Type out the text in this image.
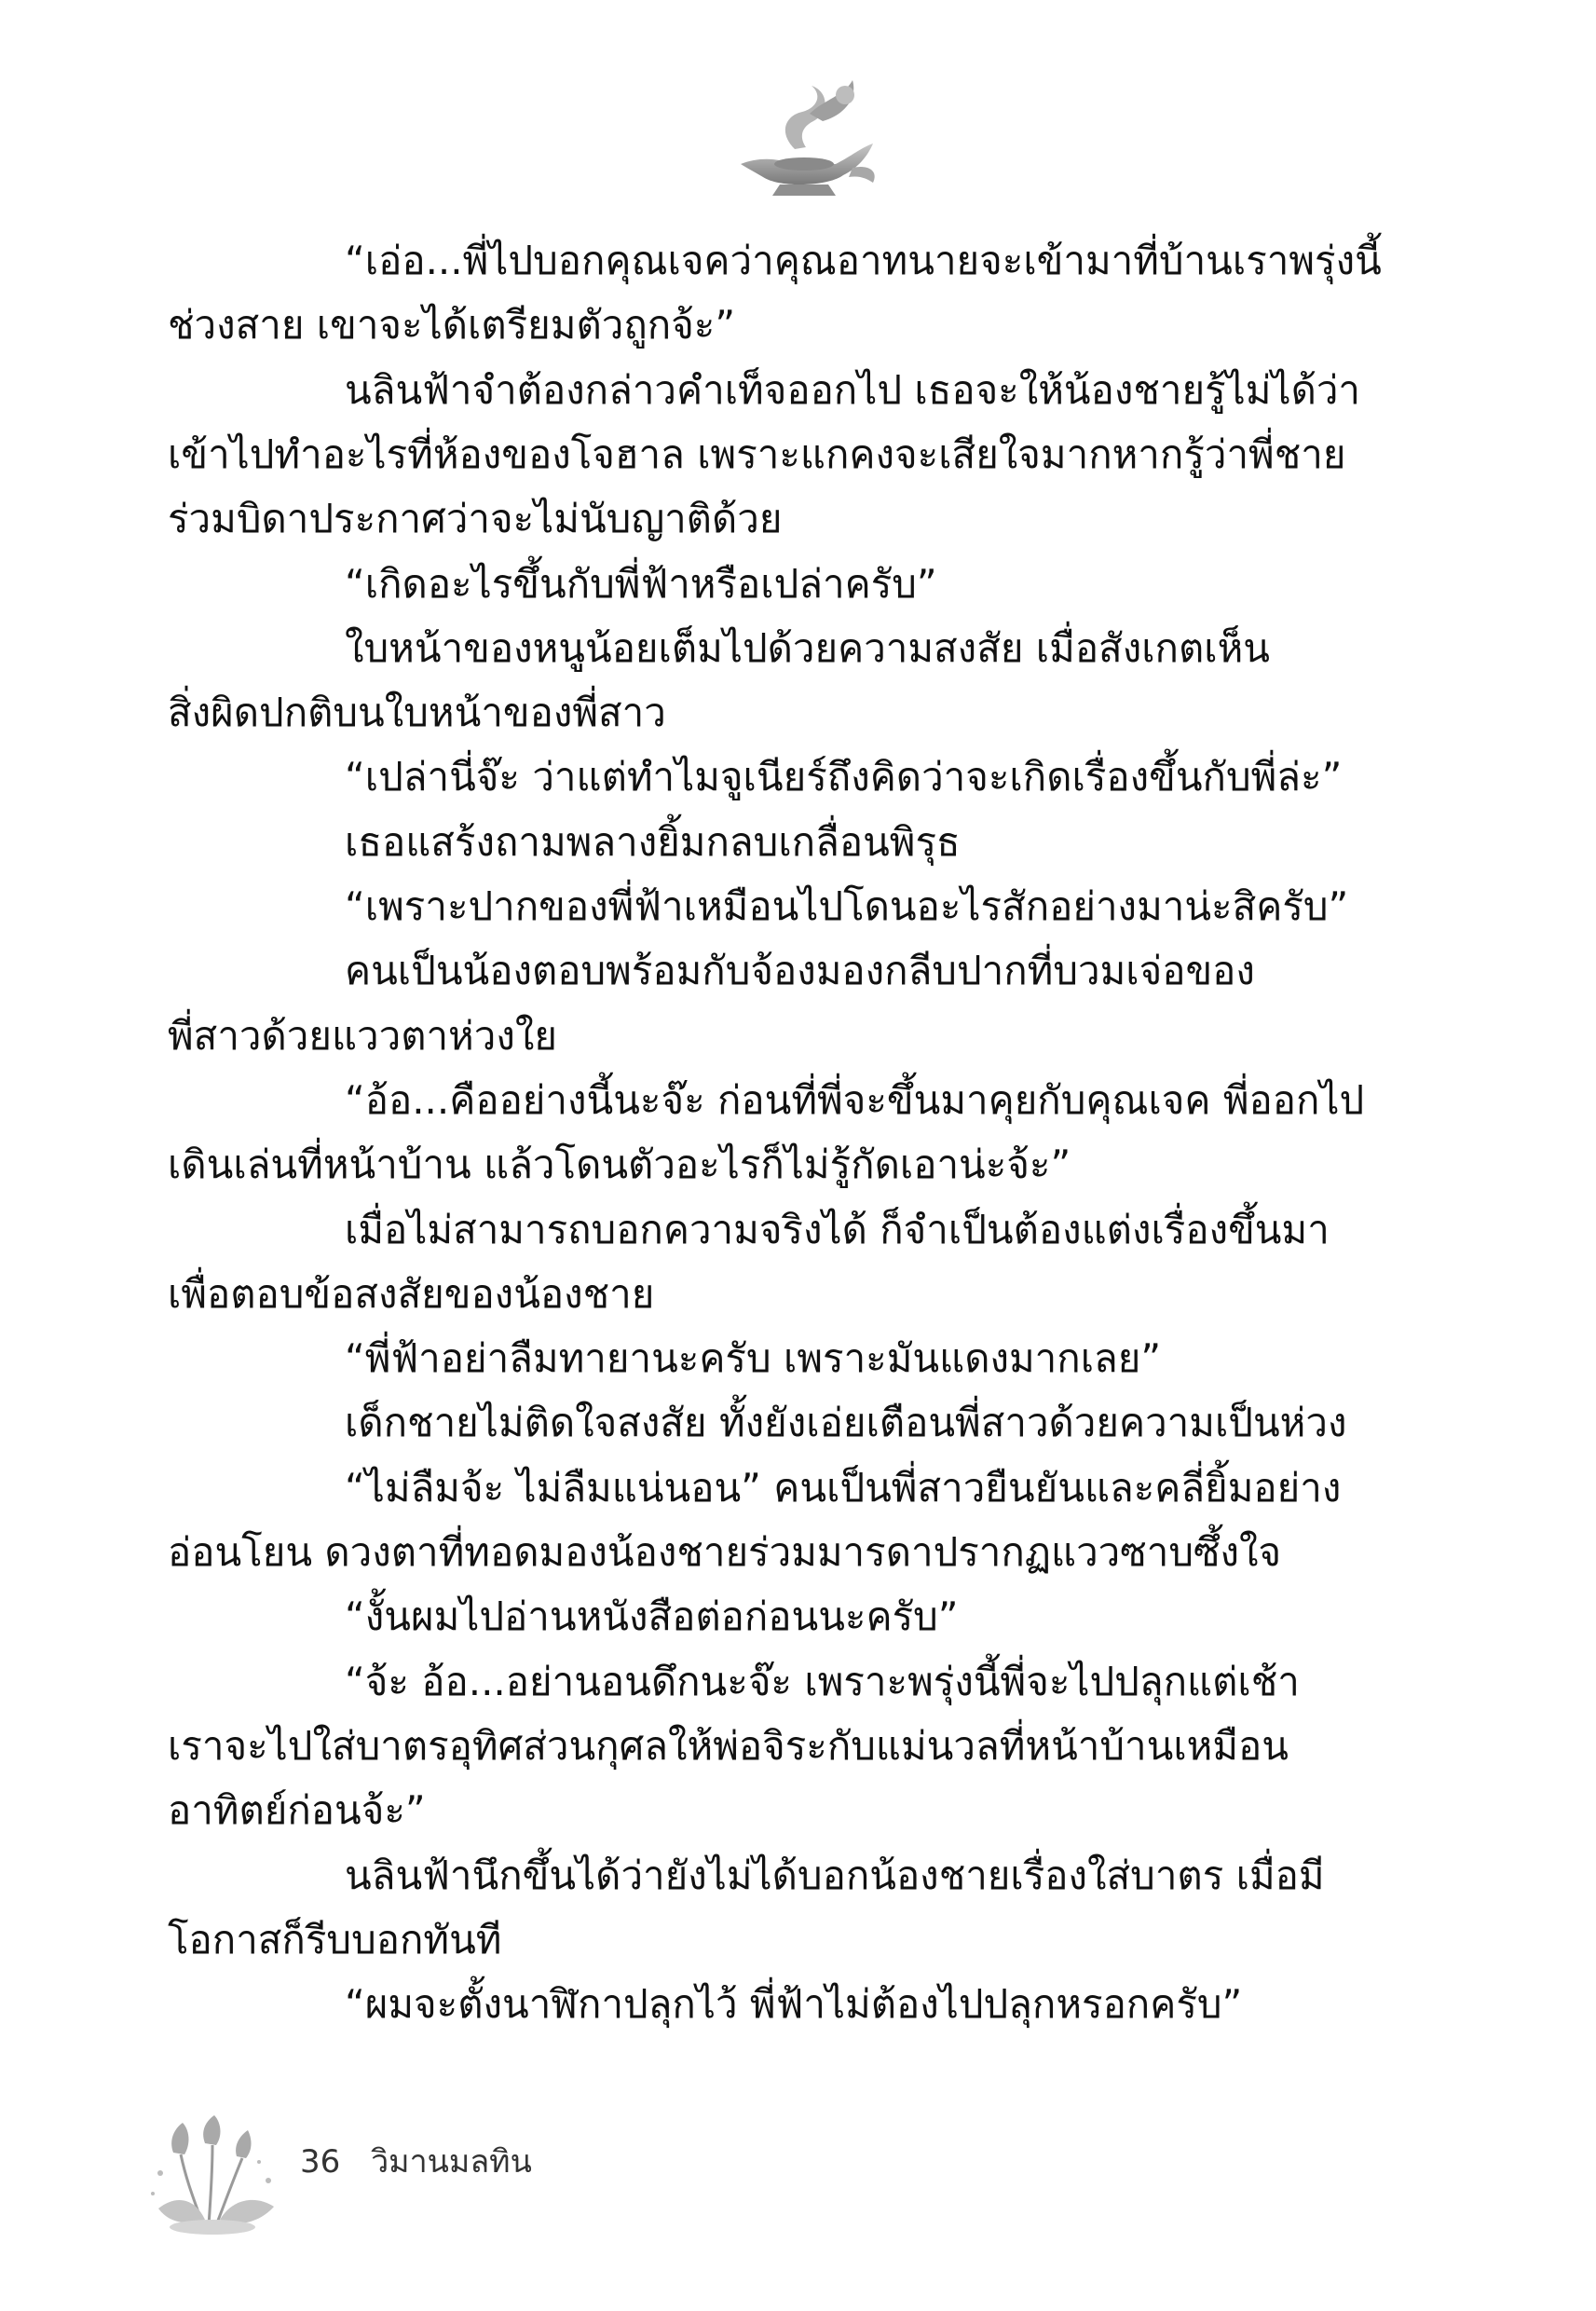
“เอ่อ...พี่ไปบอกคุณเจคว่าคุณอาทนายจะเข้ามาที่บ้านเราพรุ่งนี้
ช่วงสาย เขาจะได้เตรียมตัวถูกจ้ะ”
นลินฟ้าจำต้องกล่าวคำเท็จออกไป เธอจะให้น้องชายรู้ไม่ได้ว่า
เข้าไปทำอะไรที่ห้องของโจฮาล เพราะแกคงจะเสียใจมากหากรู้ว่าพี่ชาย
ร่วมบิดาประกาศว่าจะไม่นับญาติด้วย
“เกิดอะไรขึ้นกับพี่ฟ้าหรือเปล่าครับ”
ใบหน้าของหนูน้อยเต็มไปด้วยความสงสัย เมื่อสังเกตเห็น
สิ่งผิดปกติบนใบหน้าของพี่สาว
“เปล่านี่จ๊ะ ว่าแต่ทำไมจูเนียร์ถึงคิดว่าจะเกิดเรื่องขึ้นกับพี่ล่ะ”
เธอแสร้งถามพลางยิ้มกลบเกลื่อนพิรุธ
“เพราะปากของพี่ฟ้าเหมือนไปโดนอะไรสักอย่างมาน่ะสิครับ”
คนเป็นน้องตอบพร้อมกับจ้องมองกลีบปากที่บวมเจ่อของ
พี่สาวด้วยแววตาห่วงใย
“อ้อ...คืออย่างนี้นะจ๊ะ ก่อนที่พี่จะขึ้นมาคุยกับคุณเจค พี่ออกไป
เดินเล่นที่หน้าบ้าน แล้วโดนตัวอะไรก็ไม่รู้กัดเอาน่ะจ้ะ”
เมื่อไม่สามารถบอกความจริงได้ ก็จำเป็นต้องแต่งเรื่องขึ้นมา
เพื่อตอบข้อสงสัยของน้องชาย
“พี่ฟ้าอย่าลืมทายานะครับ เพราะมันแดงมากเลย”
เด็กชายไม่ติดใจสงสัย ทั้งยังเอ่ยเตือนพี่สาวด้วยความเป็นห่วง
“ไม่ลืมจ้ะ ไม่ลืมแน่นอน” คนเป็นพี่สาวยืนยันและคลี่ยิ้มอย่าง
อ่อนโยน ดวงตาที่ทอดมองน้องชายร่วมมารดาปรากฏแววซาบซึ้งใจ
“งั้นผมไปอ่านหนังสือต่อก่อนนะครับ”
“จ้ะ อ้อ...อย่านอนดึกนะจ๊ะ เพราะพรุ่งนี้พี่จะไปปลุกแต่เช้า
เราจะไปใส่บาตรอุทิศส่วนกุศลให้พ่อจิระกับแม่นวลที่หน้าบ้านเหมือน
อาทิตย์ก่อนจ้ะ”
นลินฟ้านึกขึ้นได้ว่ายังไม่ได้บอกน้องชายเรื่องใส่บาตร เมื่อมี
โอกาสก็รีบบอกทันที
“ผมจะตั้งนาฬิกาปลุกไว้ พี่ฟ้าไม่ต้องไปปลุกหรอกครับ”
36 วิมานมลทิน
